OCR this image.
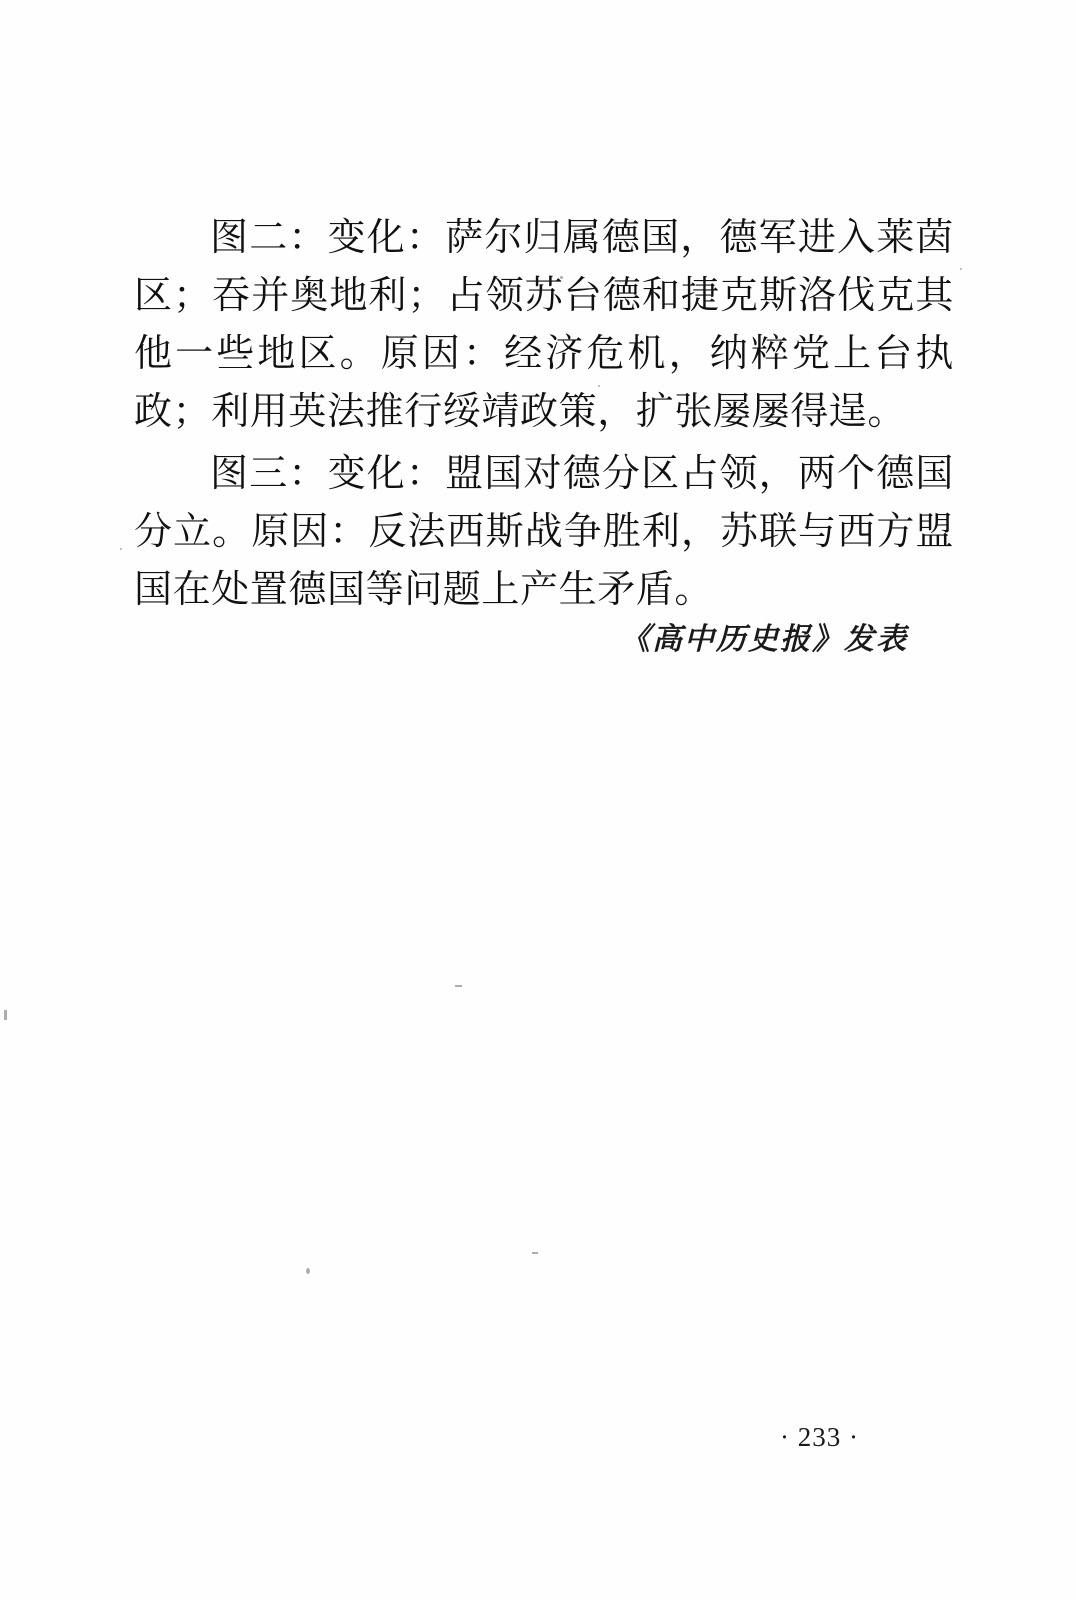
图二：变化：萨尔归属德国，德军进入莱茵区；吞并奥地利；占领苏台德和捷克斯洛伐克其他一些地区。原因：经济危机，纳粹党上台执政；利用英法推行绥靖政策，扩张屡屡得逞。

图三：变化：盟国对德分区占领，两个德国分立。原因：反法西斯战争胜利，苏联与西方盟国在处置德国等问题上产生矛盾。

《高中历史报》发表
· 233 ·
